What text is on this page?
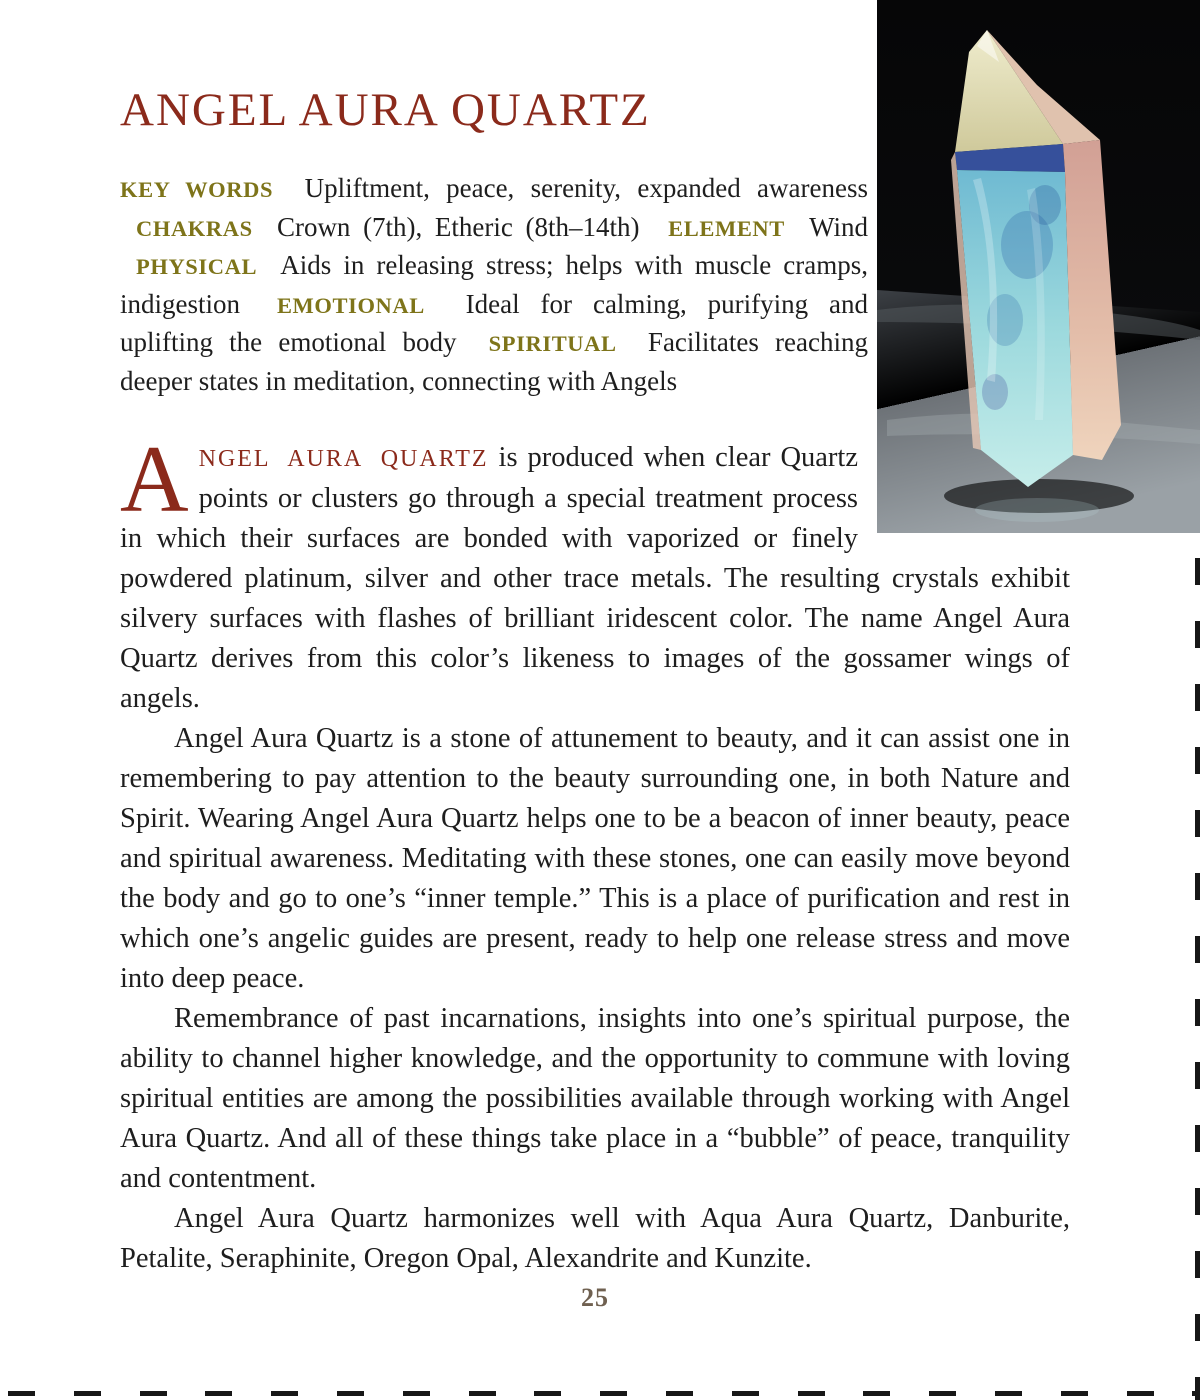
ANGEL AURA QUARTZ

KEY WORDS Upliftment, peace, serenity, expanded awareness CHAKRAS Crown (7th), Etheric (8th–14th) ELEMENT Wind PHYSICAL Aids in releasing stress; helps with muscle cramps, indigestion EMOTIONAL Ideal for calming, purifying and uplifting the emotional body SPIRITUAL Facilitates reaching deeper states in meditation, connecting with Angels

ANGEL AURA QUARTZ is produced when clear Quartz points or clusters go through a special treatment process in which their surfaces are bonded with vaporized or finely powdered platinum, silver and other trace metals. The resulting crystals exhibit silvery surfaces with flashes of brilliant iridescent color. The name Angel Aura Quartz derives from this color’s likeness to images of the gossamer wings of angels.

Angel Aura Quartz is a stone of attunement to beauty, and it can assist one in remembering to pay attention to the beauty surrounding one, in both Nature and Spirit. Wearing Angel Aura Quartz helps one to be a beacon of inner beauty, peace and spiritual awareness. Meditating with these stones, one can easily move beyond the body and go to one’s “inner temple.” This is a place of purification and rest in which one’s angelic guides are present, ready to help one release stress and move into deep peace.

Remembrance of past incarnations, insights into one’s spiritual purpose, the ability to channel higher knowledge, and the opportunity to commune with loving spiritual entities are among the possibilities available through working with Angel Aura Quartz. And all of these things take place in a “bubble” of peace, tranquility and contentment.

Angel Aura Quartz harmonizes well with Aqua Aura Quartz, Danburite, Petalite, Seraphinite, Oregon Opal, Alexandrite and Kunzite.

25
